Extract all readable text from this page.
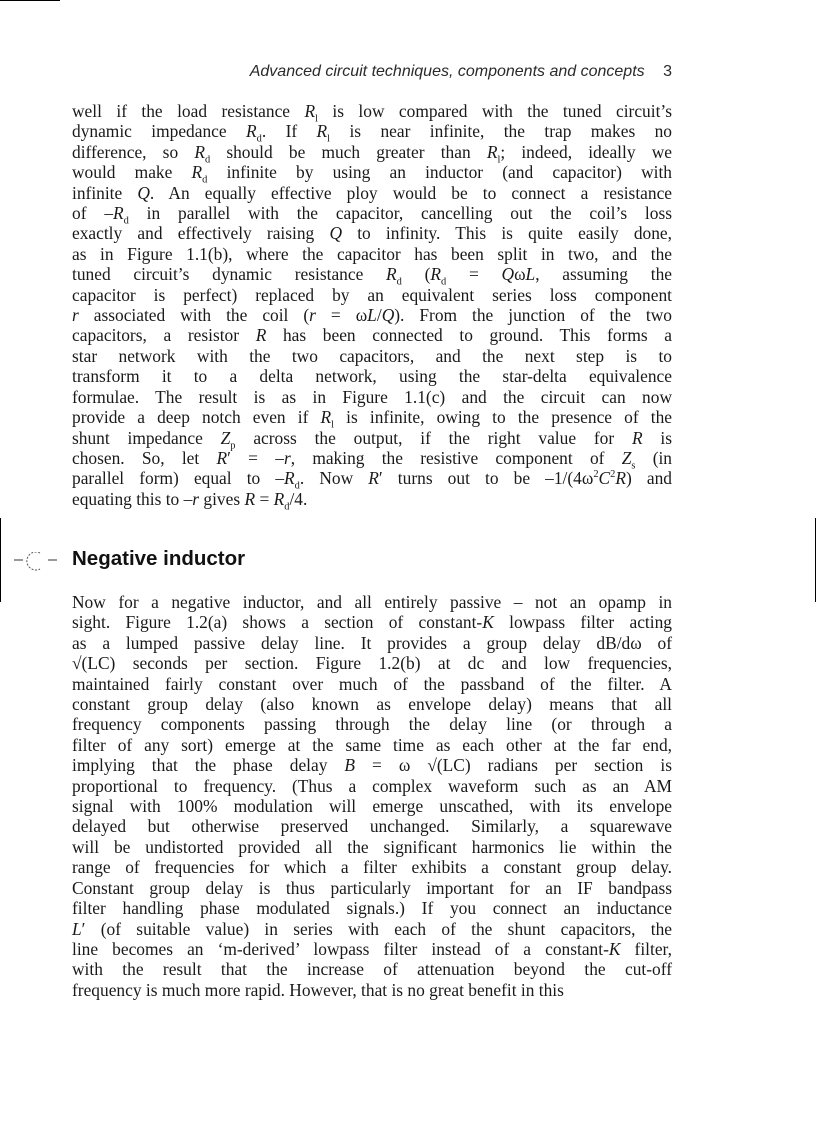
Advanced circuit techniques, components and concepts 3
well if the load resistance $R_l$ is low compared with the tuned circuit’s
dynamic impedance $R_d$. If $R_l$ is near infinite, the trap makes no
difference, so $R_d$ should be much greater than $R_l$; indeed, ideally we
would make $R_d$ infinite by using an inductor (and capacitor) with
infinite Q. An equally effective ploy would be to connect a resistance
of $-R_d$ in parallel with the capacitor, cancelling out the coil’s loss
exactly and effectively raising Q to infinity. This is quite easily done,
as in Figure 1.1(b), where the capacitor has been split in two, and the
tuned circuit’s dynamic resistance $R_d$ ($R_d = Q\omega L$, assuming the
capacitor is perfect) replaced by an equivalent series loss component
r associated with the coil (r = ωL/Q). From the junction of the two
capacitors, a resistor R has been connected to ground. This forms a
star network with the two capacitors, and the next step is to
transform it to a delta network, using the star-delta equivalence
formulae. The result is as in Figure 1.1(c) and the circuit can now
provide a deep notch even if $R_l$ is infinite, owing to the presence of the
shunt impedance $Z_p$ across the output, if the right value for R is
chosen. So, let R′ = –r, making the resistive component of $Z_s$ (in
parallel form) equal to $-R_d$. Now R′ turns out to be $-1/(4\omega^2C^2R)$ and
equating this to –r gives $R = R_d/4$.
Negative inductor
Now for a negative inductor, and all entirely passive – not an opamp in
sight. Figure 1.2(a) shows a section of constant-K lowpass filter acting
as a lumped passive delay line. It provides a group delay dB/dω of
√(LC) seconds per section. Figure 1.2(b) at dc and low frequencies,
maintained fairly constant over much of the passband of the filter. A
constant group delay (also known as envelope delay) means that all
frequency components passing through the delay line (or through a
filter of any sort) emerge at the same time as each other at the far end,
implying that the phase delay B = ω √(LC) radians per section is
proportional to frequency. (Thus a complex waveform such as an AM
signal with 100% modulation will emerge unscathed, with its envelope
delayed but otherwise preserved unchanged. Similarly, a squarewave
will be undistorted provided all the significant harmonics lie within the
range of frequencies for which a filter exhibits a constant group delay.
Constant group delay is thus particularly important for an IF bandpass
filter handling phase modulated signals.) If you connect an inductance
L′ (of suitable value) in series with each of the shunt capacitors, the
line becomes an ‘m-derived’ lowpass filter instead of a constant-K filter,
with the result that the increase of attenuation beyond the cut-off
frequency is much more rapid. However, that is no great benefit in this
